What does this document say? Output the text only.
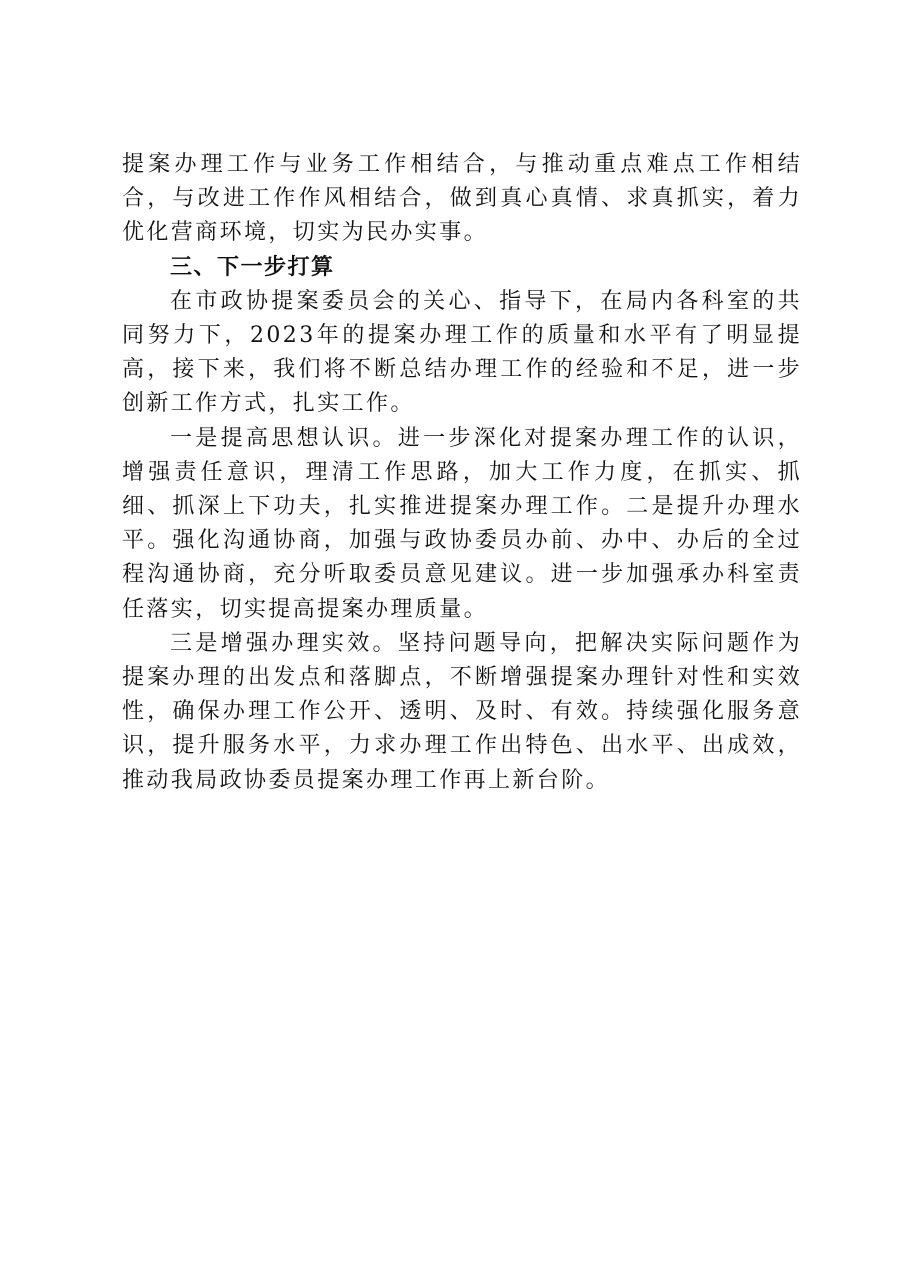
提案办理工作与业务工作相结合，与推动重点难点工作相结合，与改进工作作风相结合，做到真心真情、求真抓实，着力优化营商环境，切实为民办实事。

三、下一步打算

在市政协提案委员会的关心、指导下，在局内各科室的共同努力下，2023年的提案办理工作的质量和水平有了明显提高，接下来，我们将不断总结办理工作的经验和不足，进一步创新工作方式，扎实工作。

一是提高思想认识。进一步深化对提案办理工作的认识，增强责任意识，理清工作思路，加大工作力度，在抓实、抓细、抓深上下功夫，扎实推进提案办理工作。二是提升办理水平。强化沟通协商，加强与政协委员办前、办中、办后的全过程沟通协商，充分听取委员意见建议。进一步加强承办科室责任落实，切实提高提案办理质量。

三是增强办理实效。坚持问题导向，把解决实际问题作为提案办理的出发点和落脚点，不断增强提案办理针对性和实效性，确保办理工作公开、透明、及时、有效。持续强化服务意识，提升服务水平，力求办理工作出特色、出水平、出成效，推动我局政协委员提案办理工作再上新台阶。
